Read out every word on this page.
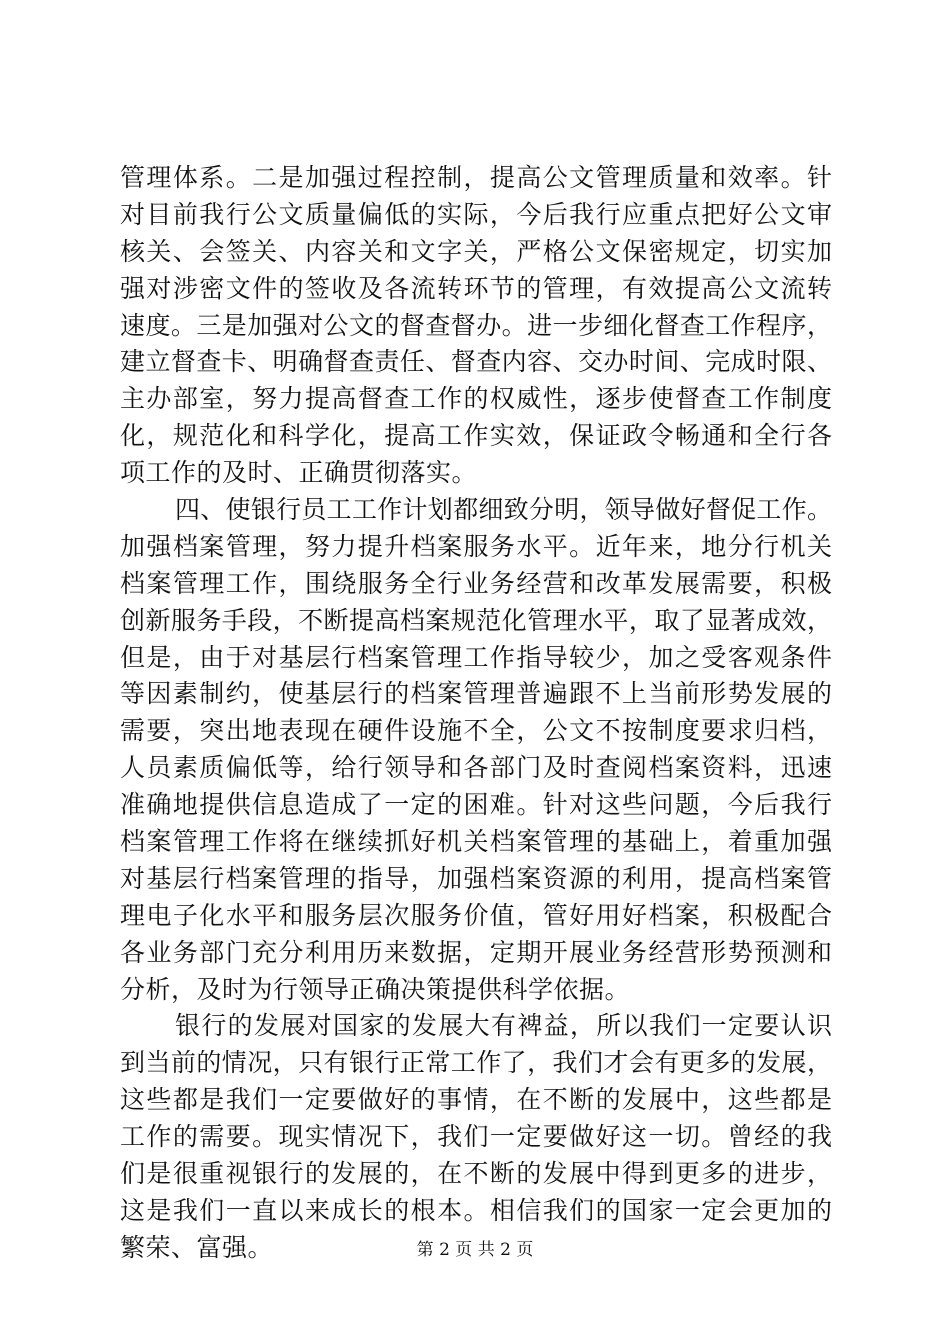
管理体系。二是加强过程控制，提高公文管理质量和效率。针
对目前我行公文质量偏低的实际，今后我行应重点把好公文审
核关、会签关、内容关和文字关，严格公文保密规定，切实加
强对涉密文件的签收及各流转环节的管理，有效提高公文流转
速度。三是加强对公文的督查督办。进一步细化督查工作程序，
建立督查卡、明确督查责任、督查内容、交办时间、完成时限、
主办部室，努力提高督查工作的权威性，逐步使督查工作制度
化，规范化和科学化，提高工作实效，保证政令畅通和全行各
项工作的及时、正确贯彻落实。
四、使银行员工工作计划都细致分明，领导做好督促工作。
加强档案管理，努力提升档案服务水平。近年来，地分行机关
档案管理工作，围绕服务全行业务经营和改革发展需要，积极
创新服务手段，不断提高档案规范化管理水平，取了显著成效，
但是，由于对基层行档案管理工作指导较少，加之受客观条件
等因素制约，使基层行的档案管理普遍跟不上当前形势发展的
需要，突出地表现在硬件设施不全，公文不按制度要求归档，
人员素质偏低等，给行领导和各部门及时查阅档案资料，迅速
准确地提供信息造成了一定的困难。针对这些问题，今后我行
档案管理工作将在继续抓好机关档案管理的基础上，着重加强
对基层行档案管理的指导，加强档案资源的利用，提高档案管
理电子化水平和服务层次服务价值，管好用好档案，积极配合
各业务部门充分利用历来数据，定期开展业务经营形势预测和
分析，及时为行领导正确决策提供科学依据。
银行的发展对国家的发展大有裨益，所以我们一定要认识
到当前的情况，只有银行正常工作了，我们才会有更多的发展，
这些都是我们一定要做好的事情，在不断的发展中，这些都是
工作的需要。现实情况下，我们一定要做好这一切。曾经的我
们是很重视银行的发展的，在不断的发展中得到更多的进步，
这是我们一直以来成长的根本。相信我们的国家一定会更加的
繁荣、富强。	第 2 页 共 2 页
